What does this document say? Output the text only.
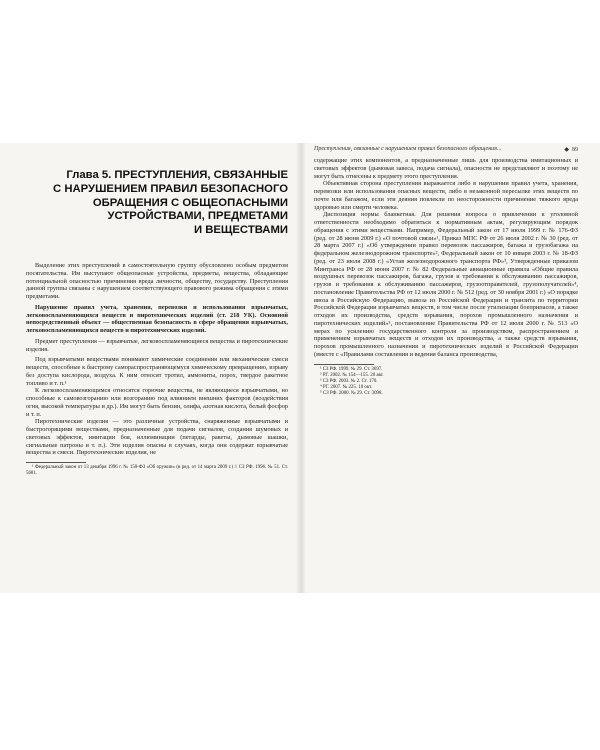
Глава 5. ПРЕСТУПЛЕНИЯ, СВЯЗАННЫЕ
С НАРУШЕНИЕМ ПРАВИЛ БЕЗОПАСНОГО
ОБРАЩЕНИЯ С ОБЩЕОПАСНЫМИ
УСТРОЙСТВАМИ, ПРЕДМЕТАМИ
И ВЕЩЕСТВАМИ

Выделение этих преступлений в самостоятельную группу обусловлено особым предметом посягательства. Им выступают общеопасные устройства, предметы, вещества, обладающие потенциальной опасностью причинения вреда личности, обществу, государству. Преступления данной группы связаны с нарушением соответствующего правового режима обращения с этими предметами.

Нарушение правил учета, хранения, перевозки и использования взрывчатых, легковоспламеняющихся веществ и пиротехнических изделий (ст. 218 УК). Основной непосредственный объект — общественная безопасность в сфере обращения взрывчатых, легковоспламеняющихся веществ и пиротехнических изделий.

Предмет преступления — взрывчатые, легковоспламеняющиеся вещества и пиротехнические изделия.

Под взрывчатыми веществами понимают химические соединения или механические смеси веществ, способные к быстрому самораспространяющемуся химическому превращению, взрыву без доступа кислорода, воздуха. К ним относят тротил, аммониты, порох, твердое ракетное топливо и т. п.¹

К легковоспламеняющимся относятся горючие вещества, не являющиеся взрывчатыми, но способные к самовозгоранию или возгоранию под влиянием внешних факторов (воздействия огня, высокой температуры и др.). Им могут быть бензин, олифа, азотная кислота, белый фосфор и т. п.

Пиротехнические изделия — это различные устройства, снаряженные взрывчатыми и быстрогорящими веществами, предназначенные для подачи сигналов, создания шумовых и световых эффектов, имитации боя, иллюминации (петарды, ракеты, дымовые шашки, сигнальные патроны и т. п.). Эти изделия опасны в случаях, когда они содержат взрывчатые вещества и смеси. Пиротехнические изделия, не

¹ Федеральный закон от 13 декабря 1996 г. № 150-ФЗ «Об оружии» (в ред. от 14 марта 2009 г.) // СЗ РФ. 1996. № 51. Ст. 5681.

Преступления, связанные с нарушением правил безопасного обращения...	◆ 89

содержащие этих компонентов, а предназначенные лишь для производства имитационных и световых эффектов (дымовая завеса, подача сигнала), опасности не представляют и поэтому не могут быть отнесены к предмету этого преступления.

Объективная сторона преступления выражается либо в нарушении правил учета, хранения, перевозки или использования опасных веществ, либо в незаконной пересылке этих веществ по почте или багажом, если эти деяния повлекли по неосторожности причинение тяжкого вреда здоровью или смерти человека.

Диспозиция нормы бланкетная. Для решения вопроса о привлечении к уголовной ответственности необходимо обратиться к нормативным актам, регулирующим порядок обращения с этими веществами. Например, Федеральный закон от 17 июля 1999 г. № 176-ФЗ (ред. от 28 июня 2009 г.) «О почтовой связи»¹, Приказ МПС РФ от 26 июля 2002 г. № 30 (ред. от 28 марта 2007 г.) «Об утверждении правил перевозок пассажиров, багажа и грузобагажа на федеральном железнодорожном транспорте»², Федеральный закон от 10 января 2003 г. № 18-ФЗ (ред. от 23 июля 2008 г.) «Устав железнодорожного транспорта РФ»³, Утвержденные приказом Минтранса РФ от 28 июня 2007 г. № 82 Федеральные авиационные правила «Общие правила воздушных перевозок пассажиров, багажа, грузов и требования к обслуживанию пассажиров, грузов и требования к обслуживанию пассажиров, грузоотправителей, грузополучателей»⁴, постановление Правительства РФ от 12 июля 2000 г. № 512 (ред. от 30 ноября 2001 г.) «О порядке ввоза в Российскую Федерацию, вывоза из Российской Федерации и транзита по территории Российской Федерации взрывчатых веществ, в том числе после утилизации боеприпасов, а также отходов их производства, средств взрывания, порохов промышленного назначения и пиротехнических изделий»⁵, постановление Правительства РФ от 12 июля 2000 г. № 513 «О мерах по усилению государственного контроля за производством, распространением и применением взрывчатых веществ и отходов их производства, а также средств взрывания, порохов промышленного назначения и пиротехнических изделий в Российской Федерации (вместе с «Правилами составления и ведения баланса производства,

¹ СЗ РФ. 1999. № 29. Ст. 3697.

² РГ. 2002. № 154—155. 20 авг.

³ СЗ РФ. 2003. № 2. Ст. 170.

⁴ РГ. 2007. № 225. 10 окт.

⁵ СЗ РФ. 2000. № 29. Ст. 3098.
